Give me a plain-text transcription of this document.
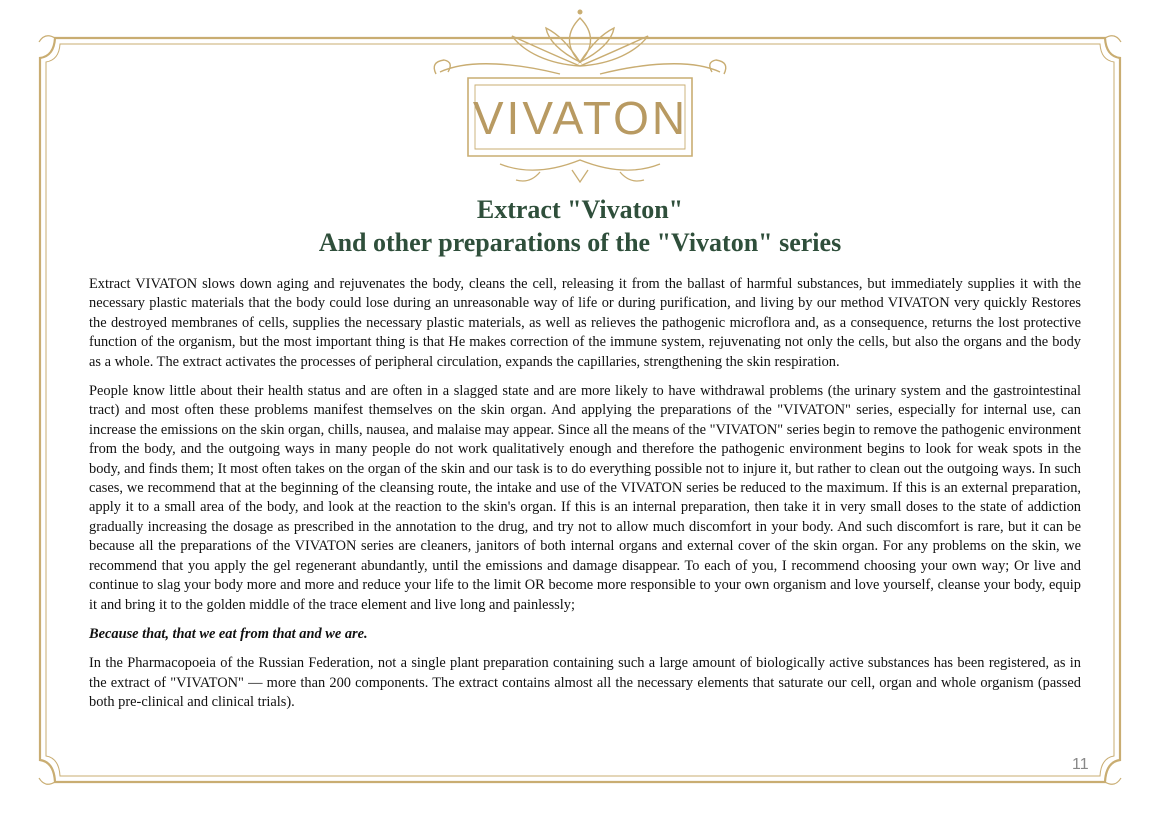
VIVATON
Extract "Vivaton"
And other preparations of the "Vivaton" series

Extract VIVATON slows down aging and rejuvenates the body, cleans the cell, releasing it from the ballast of harmful substances, but immediately supplies it with the necessary plastic materials that the body could lose during an unreasonable way of life or during purification, and living by our method VIVATON very quickly Restores the destroyed membranes of cells, supplies the necessary plastic materials, as well as relieves the pathogenic microflora and, as a consequence, returns the lost protective function of the organism, but the most important thing is that He makes correction of the immune system, rejuvenating not only the cells, but also the organs and the body as a whole. The extract activates the processes of peripheral circulation, expands the capillaries, strengthening the skin respiration.

People know little about their health status and are often in a slagged state and are more likely to have withdrawal problems (the urinary system and the gastrointestinal tract) and most often these problems manifest themselves on the skin organ. And applying the preparations of the "VIVATON" series, especially for internal use, can increase the emissions on the skin organ, chills, nausea, and malaise may appear. Since all the means of the "VIVATON" series begin to remove the pathogenic environment from the body, and the outgoing ways in many people do not work qualitatively enough and therefore the pathogenic environment begins to look for weak spots in the body, and finds them; It most often takes on the organ of the skin and our task is to do everything possible not to injure it, but rather to clean out the outgoing ways. In such cases, we recommend that at the beginning of the cleansing route, the intake and use of the VIVATON series be reduced to the maximum. If this is an external preparation, apply it to a small area of the body, and look at the reaction to the skin's organ. If this is an internal preparation, then take it in very small doses to the state of addiction gradually increasing the dosage as prescribed in the annotation to the drug, and try not to allow much discomfort in your body. And such discomfort is rare, but it can be because all the preparations of the VIVATON series are cleaners, janitors of both internal organs and external cover of the skin organ. For any problems on the skin, we recommend that you apply the gel regenerant abundantly, until the emissions and damage disappear. To each of you, I recommend choosing your own way; Or live and continue to slag your body more and more and reduce your life to the limit OR become more responsible to your own organism and love yourself, cleanse your body, equip it and bring it to the golden middle of the trace element and live long and painlessly;

Because that, that we eat from that and we are.

In the Pharmacopoeia of the Russian Federation, not a single plant preparation containing such a large amount of biologically active substances has been registered, as in the extract of "VIVATON" — more than 200 components. The extract contains almost all the necessary elements that saturate our cell, organ and whole organism (passed both pre-clinical and clinical trials).

11
